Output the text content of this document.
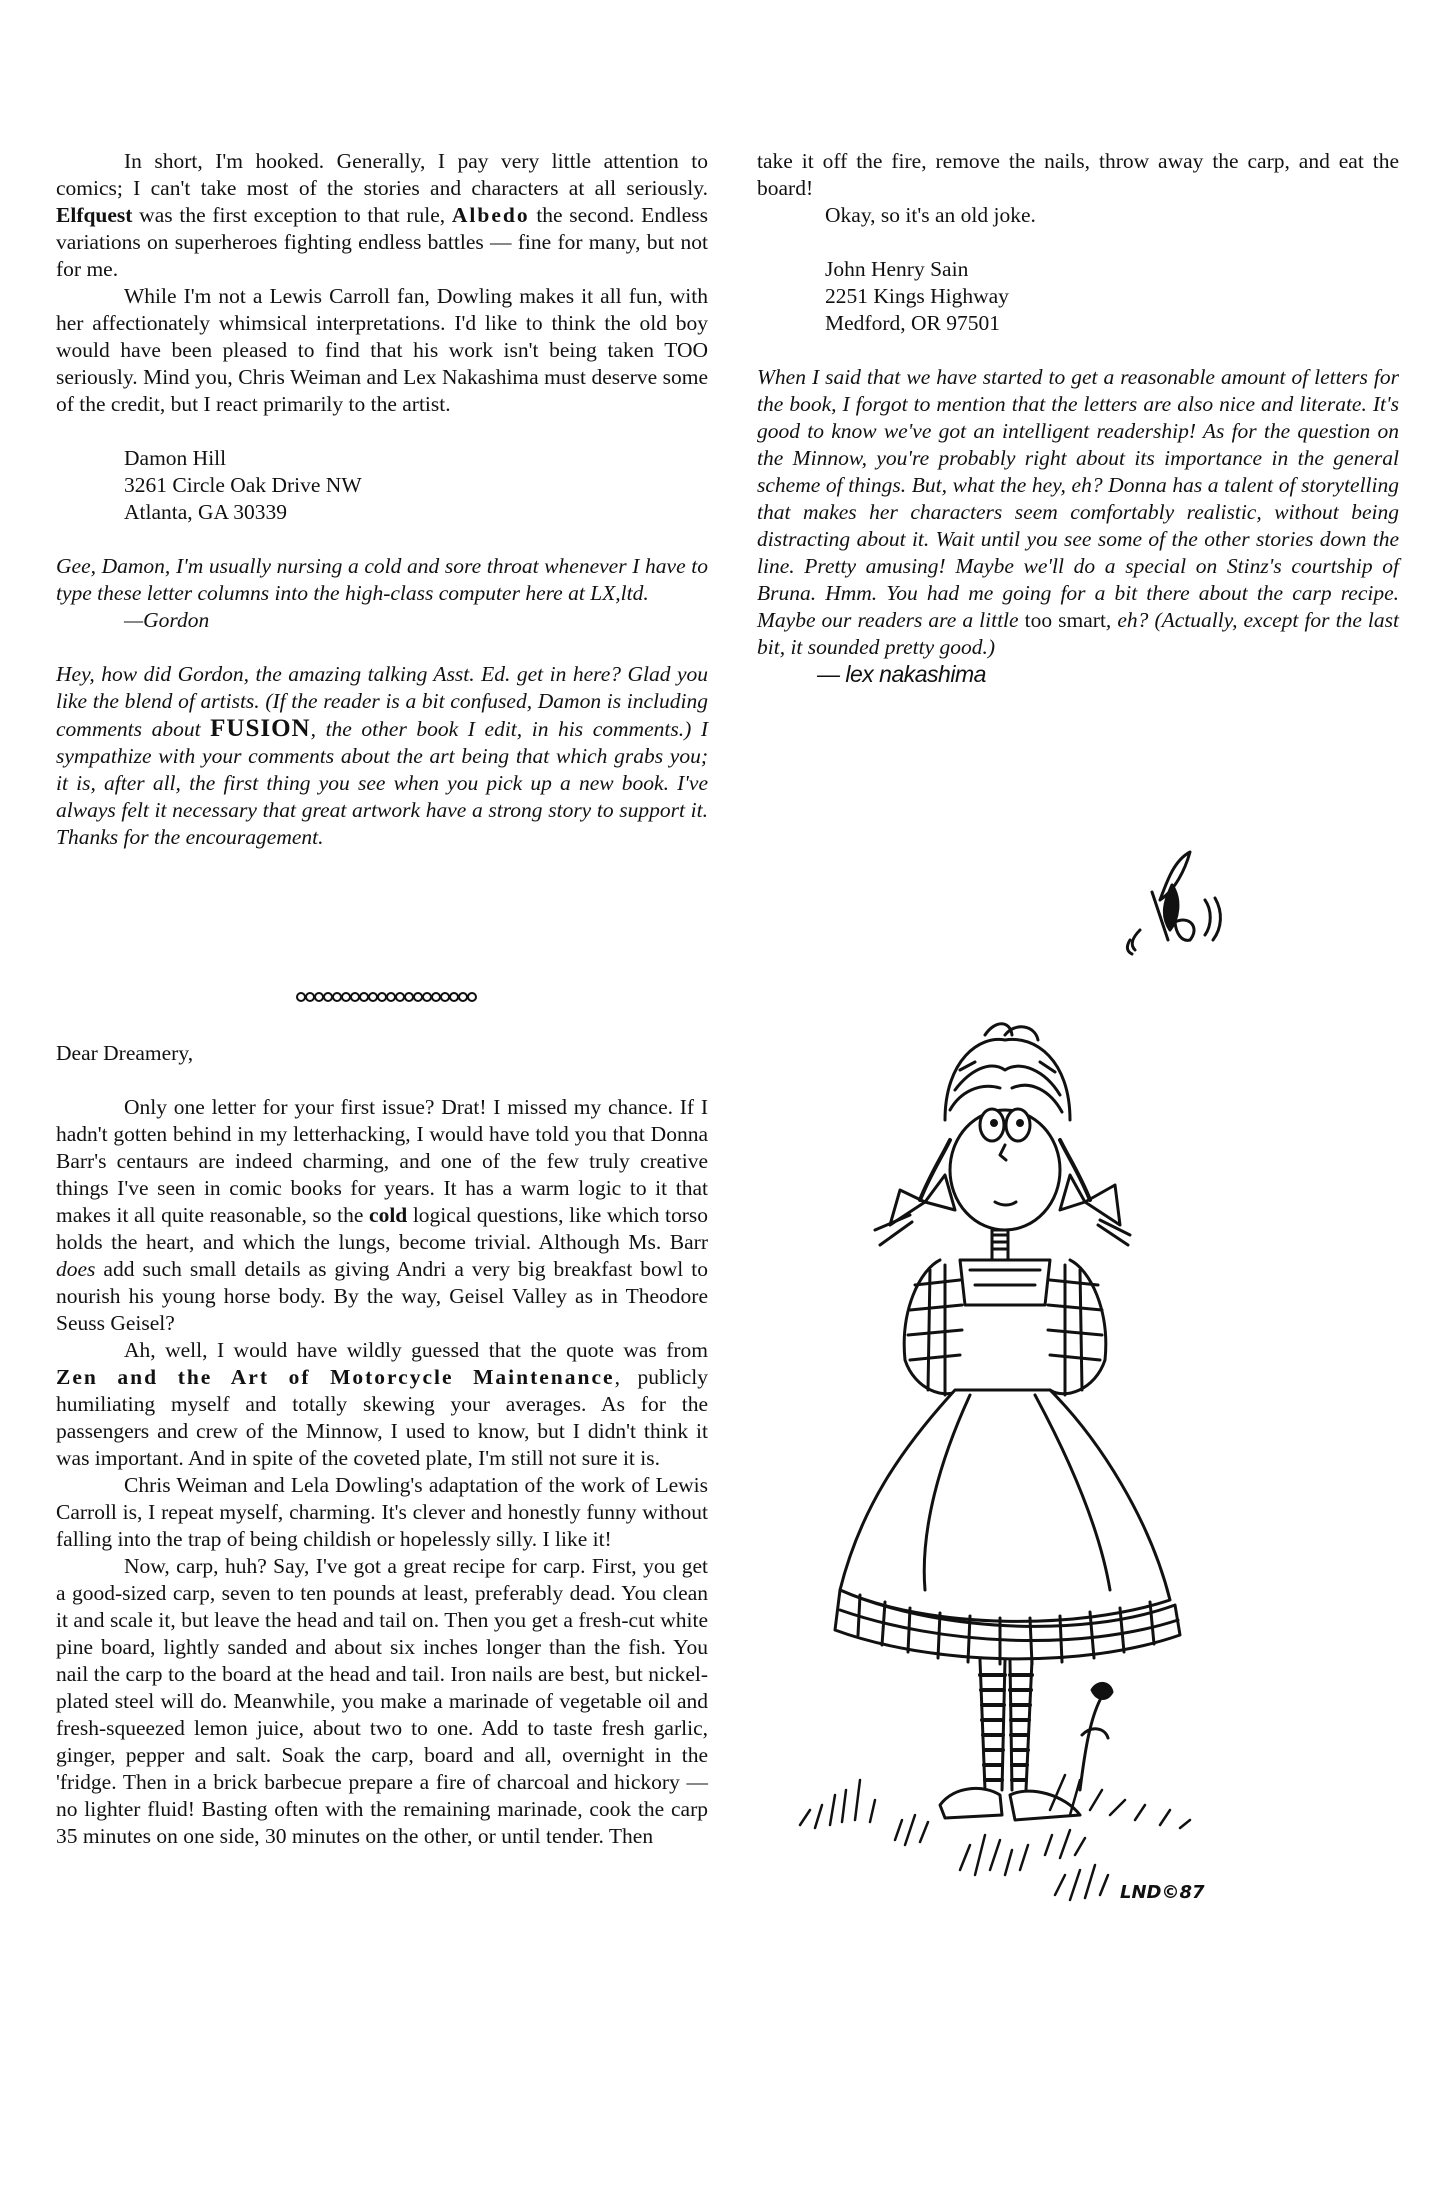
In short, I'm hooked. Generally, I pay very little attention to comics; I can't take most of the stories and characters at all seriously. Elfquest was the first exception to that rule, Albedo the second. Endless variations on superheroes fighting endless battles — fine for many, but not for me.

While I'm not a Lewis Carroll fan, Dowling makes it all fun, with her affectionately whimsical interpretations. I'd like to think the old boy would have been pleased to find that his work isn't being taken TOO seriously. Mind you, Chris Weiman and Lex Nakashima must deserve some of the credit, but I react primarily to the artist.

Damon Hill
3261 Circle Oak Drive NW
Atlanta, GA 30339

Gee, Damon, I'm usually nursing a cold and sore throat whenever I have to type these letter columns into the high-class computer here at LX,ltd.

—Gordon

Hey, how did Gordon, the amazing talking Asst. Ed. get in here? Glad you like the blend of artists. (If the reader is a bit confused, Damon is including comments about FUSION, the other book I edit, in his comments.) I sympathize with your comments about the art being that which grabs you; it is, after all, the first thing you see when you pick up a new book. I've always felt it necessary that great artwork have a strong story to support it. Thanks for the encouragement.

Dear Dreamery,

Only one letter for your first issue? Drat! I missed my chance. If I hadn't gotten behind in my letterhacking, I would have told you that Donna Barr's centaurs are indeed charming, and one of the few truly creative things I've seen in comic books for years. It has a warm logic to it that makes it all quite reasonable, so the cold logical questions, like which torso holds the heart, and which the lungs, become trivial. Although Ms. Barr does add such small details as giving Andri a very big breakfast bowl to nourish his young horse body. By the way, Geisel Valley as in Theodore Seuss Geisel?

Ah, well, I would have wildly guessed that the quote was from Zen and the Art of Motorcycle Maintenance, publicly humiliating myself and totally skewing your averages. As for the passengers and crew of the Minnow, I used to know, but I didn't think it was important. And in spite of the coveted plate, I'm still not sure it is.

Chris Weiman and Lela Dowling's adaptation of the work of Lewis Carroll is, I repeat myself, charming. It's clever and honestly funny without falling into the trap of being childish or hopelessly silly. I like it!

Now, carp, huh? Say, I've got a great recipe for carp. First, you get a good-sized carp, seven to ten pounds at least, preferably dead. You clean it and scale it, but leave the head and tail on. Then you get a fresh-cut white pine board, lightly sanded and about six inches longer than the fish. You nail the carp to the board at the head and tail. Iron nails are best, but nickel-plated steel will do. Meanwhile, you make a marinade of vegetable oil and fresh-squeezed lemon juice, about two to one. Add to taste fresh garlic, ginger, pepper and salt. Soak the carp, board and all, overnight in the 'fridge. Then in a brick barbecue prepare a fire of charcoal and hickory — no lighter fluid! Basting often with the remaining marinade, cook the carp 35 minutes on one side, 30 minutes on the other, or until tender. Then

take it off the fire, remove the nails, throw away the carp, and eat the board!

Okay, so it's an old joke.

John Henry Sain
2251 Kings Highway
Medford, OR 97501

When I said that we have started to get a reasonable amount of letters for the book, I forgot to mention that the letters are also nice and literate. It's good to know we've got an intelligent readership! As for the question on the Minnow, you're probably right about its importance in the general scheme of things. But, what the hey, eh? Donna has a talent of storytelling that makes her characters seem comfortably realistic, without being distracting about it. Wait until you see some of the other stories down the line. Pretty amusing! Maybe we'll do a special on Stinz's courtship of Bruna. Hmm. You had me going for a bit there about the carp recipe. Maybe our readers are a little too smart, eh? (Actually, except for the last bit, it sounded pretty good.)

— lex nakashima

LND©87
